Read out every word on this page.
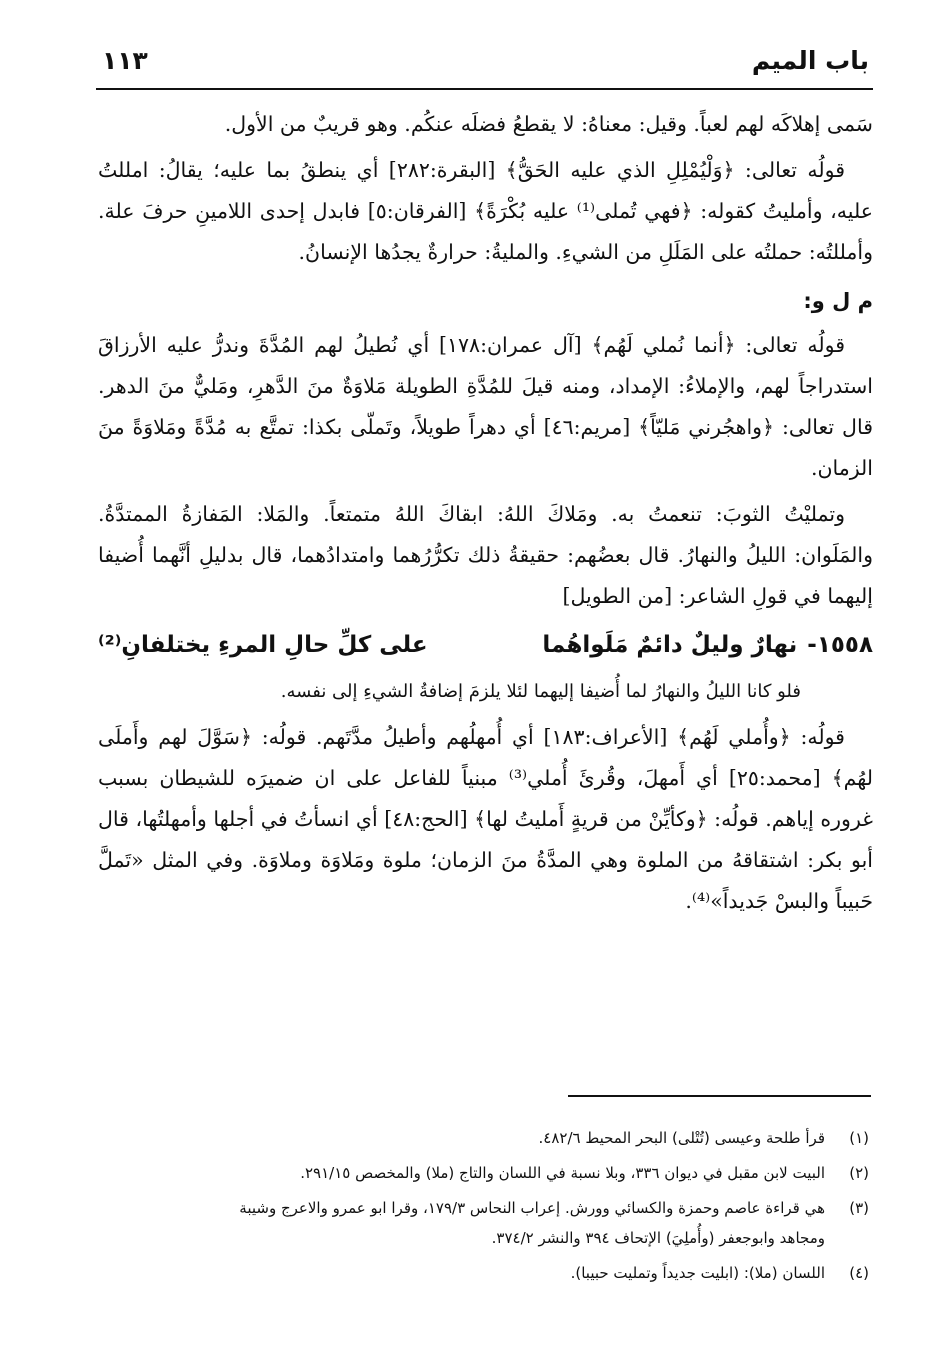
باب الميم
١١٣

سَمى إهلاكَه لهم لعباً. وقيل: معناهُ: لا يقطعُ فضلَه عنكُم. وهو قريبٌ من الأول.

قولُه تعالى: ﴿وَلْيُمْلِلِ الذي عليه الحَقُّ﴾ [البقرة:٢٨٢] أي ينطقُ بما عليه؛ يقالُ: امللتُ عليه، وأمليتُ كقوله: ﴿فهي تُملى⁽¹⁾ عليه بُكْرَةً﴾ [الفرقان:٥] فابدل إحدى اللامينِ حرفَ علة. وأمللتُه: حملتُه على المَلَلِ من الشيءِ. والمليةُ: حرارةٌ يجدُها الإنسانُ.

م ل و:

قولُه تعالى: ﴿أنما نُملي لَهُم﴾ [آل عمران:١٧٨] أي نُطيلُ لهم المُدَّةَ وندرُّ عليه الأرزاقَ استدراجاً لهم، والإملاءُ: الإمداد، ومنه قيلَ للمُدَّةِ الطويلة مَلاوَةٌ منَ الدَّهرِ، ومَليٌّ منَ الدهر. قال تعالى: ﴿واهجُرني مَليّاً﴾ [مريم:٤٦] أي دهراً طويلاً، وتَملّى بكذا: تمتَّع به مُدَّةً ومَلاوَةً منَ الزمان.

وتمليْتُ الثوبَ: تنعمتُ به. ومَلاكَ اللهُ: ابقاكَ اللهُ متمتعاً. والمَلا: المَفازةُ الممتدَّةُ. والمَلَوان: الليلُ والنهارُ. قال بعضُهم: حقيقةُ ذلك تكرُّرُهما وامتدادُهما، قال بدليلِ أنَّهما أُضيفا إليهما في قولِ الشاعر: [من الطويل]

١٥٥٨-نهارٌ وليلٌ دائمٌ مَلَواهُما
على كلِّ حالِ المرءِ يختلفانِ⁽²⁾

فلو كانا الليلُ والنهارُ لما أُضيفا إليهما لئلا يلزمَ إضافةُ الشيءِ إلى نفسه.

قولُه: ﴿وأُملي لَهُم﴾ [الأعراف:١٨٣] أي أُمهلُهم وأطيلُ مدَّتَهم. قولُه: ﴿سَوَّلَ لهم وأَملَى لهُم﴾ [محمد:٢٥] أي أَمهلَ، وقُرئَ أُملي⁽³⁾ مبنياً للفاعل على ان ضميرَه للشيطان بسبب غروره إياهم. قولُه: ﴿وكأيِّنْ من قريةٍ أَمليتُ لها﴾ [الحج:٤٨] أي انسأتُ في أجلها وأمهلتُها، قال أبو بكر: اشتقاقهُ من الملوة وهي المدَّةُ منَ الزمان؛ ملوة ومَلاوَة وملاوَة. وفي المثل «تَملَّ حَبيباً والبسْ جَديداً»⁽⁴⁾.

(١)قرأ طلحة وعيسى (تُتْلى) البحر المحيط ٤٨٢/٦.
(٢)البيت لابن مقبل في ديوان ٣٣٦، وبلا نسبة في اللسان والتاج (ملا) والمخصص ٢٩١/١٥.
(٣)هي قراءة عاصم وحمزة والكسائي وورش. إعراب النحاس ١٧٩/٣، وقرا ابو عمرو والاعرج وشيبة
ومجاهد وابوجعفر (وأُملِيَ) الإتحاف ٣٩٤ والنشر ٣٧٤/٢.
(٤)اللسان (ملا): (ابليت جديداً وتمليت حبيبا).
